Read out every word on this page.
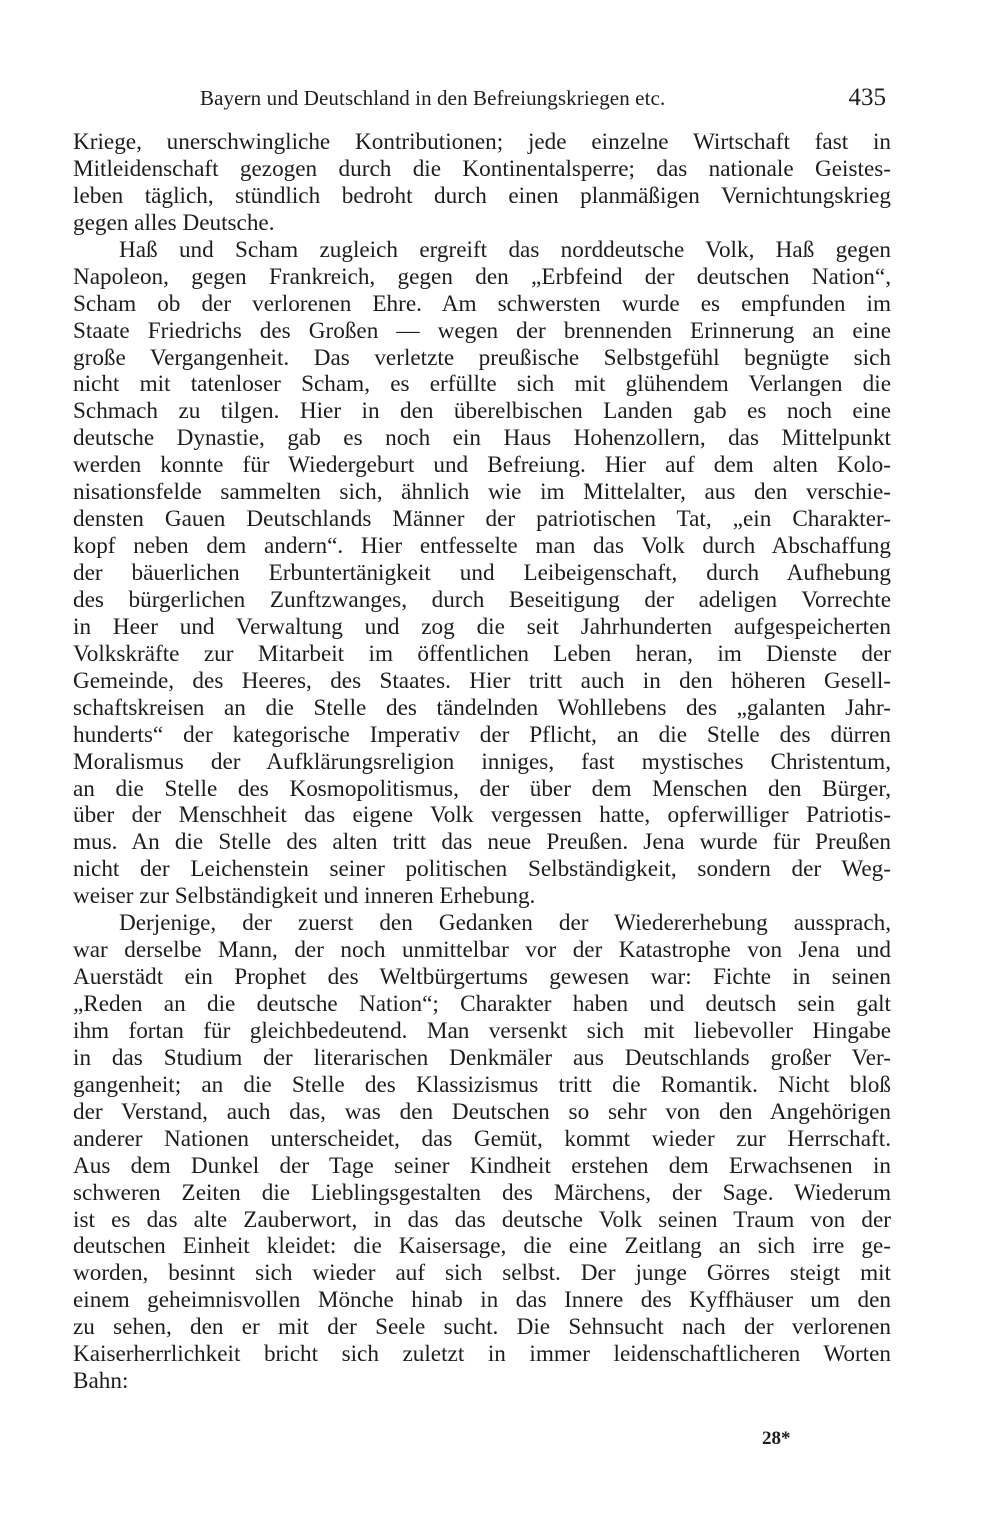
Bayern und Deutschland in den Befreiungskriegen etc.	435
Kriege, unerschwingliche Kontributionen; jede einzelne Wirtschaft fast in
Mitleidenschaft gezogen durch die Kontinentalsperre; das nationale Geistes-
leben täglich, stündlich bedroht durch einen planmäßigen Vernichtungskrieg
gegen alles Deutsche.
Haß und Scham zugleich ergreift das norddeutsche Volk, Haß gegen
Napoleon, gegen Frankreich, gegen den „Erbfeind der deutschen Nation“,
Scham ob der verlorenen Ehre. Am schwersten wurde es empfunden im
Staate Friedrichs des Großen — wegen der brennenden Erinnerung an eine
große Vergangenheit. Das verletzte preußische Selbstgefühl begnügte sich
nicht mit tatenloser Scham, es erfüllte sich mit glühendem Verlangen die
Schmach zu tilgen. Hier in den überelbischen Landen gab es noch eine
deutsche Dynastie, gab es noch ein Haus Hohenzollern, das Mittelpunkt
werden konnte für Wiedergeburt und Befreiung. Hier auf dem alten Kolo-
nisationsfelde sammelten sich, ähnlich wie im Mittelalter, aus den verschie-
densten Gauen Deutschlands Männer der patriotischen Tat, „ein Charakter-
kopf neben dem andern“. Hier entfesselte man das Volk durch Abschaffung
der bäuerlichen Erbuntertänigkeit und Leibeigenschaft, durch Aufhebung
des bürgerlichen Zunftzwanges, durch Beseitigung der adeligen Vorrechte
in Heer und Verwaltung und zog die seit Jahrhunderten aufgespeicherten
Volkskräfte zur Mitarbeit im öffentlichen Leben heran, im Dienste der
Gemeinde, des Heeres, des Staates. Hier tritt auch in den höheren Gesell-
schaftskreisen an die Stelle des tändelnden Wohllebens des „galanten Jahr-
hunderts“ der kategorische Imperativ der Pflicht, an die Stelle des dürren
Moralismus der Aufklärungsreligion inniges, fast mystisches Christentum,
an die Stelle des Kosmopolitismus, der über dem Menschen den Bürger,
über der Menschheit das eigene Volk vergessen hatte, opferwilliger Patriotis-
mus. An die Stelle des alten tritt das neue Preußen. Jena wurde für Preußen
nicht der Leichenstein seiner politischen Selbständigkeit, sondern der Weg-
weiser zur Selbständigkeit und inneren Erhebung.
Derjenige, der zuerst den Gedanken der Wiedererhebung aussprach,
war derselbe Mann, der noch unmittelbar vor der Katastrophe von Jena und
Auerstädt ein Prophet des Weltbürgertums gewesen war: Fichte in seinen
„Reden an die deutsche Nation“; Charakter haben und deutsch sein galt
ihm fortan für gleichbedeutend. Man versenkt sich mit liebevoller Hingabe
in das Studium der literarischen Denkmäler aus Deutschlands großer Ver-
gangenheit; an die Stelle des Klassizismus tritt die Romantik. Nicht bloß
der Verstand, auch das, was den Deutschen so sehr von den Angehörigen
anderer Nationen unterscheidet, das Gemüt, kommt wieder zur Herrschaft.
Aus dem Dunkel der Tage seiner Kindheit erstehen dem Erwachsenen in
schweren Zeiten die Lieblingsgestalten des Märchens, der Sage. Wiederum
ist es das alte Zauberwort, in das das deutsche Volk seinen Traum von der
deutschen Einheit kleidet: die Kaisersage, die eine Zeitlang an sich irre ge-
worden, besinnt sich wieder auf sich selbst. Der junge Görres steigt mit
einem geheimnisvollen Mönche hinab in das Innere des Kyffhäuser um den
zu sehen, den er mit der Seele sucht. Die Sehnsucht nach der verlorenen
Kaiserherrlichkeit bricht sich zuletzt in immer leidenschaftlicheren Worten
Bahn:
28*
